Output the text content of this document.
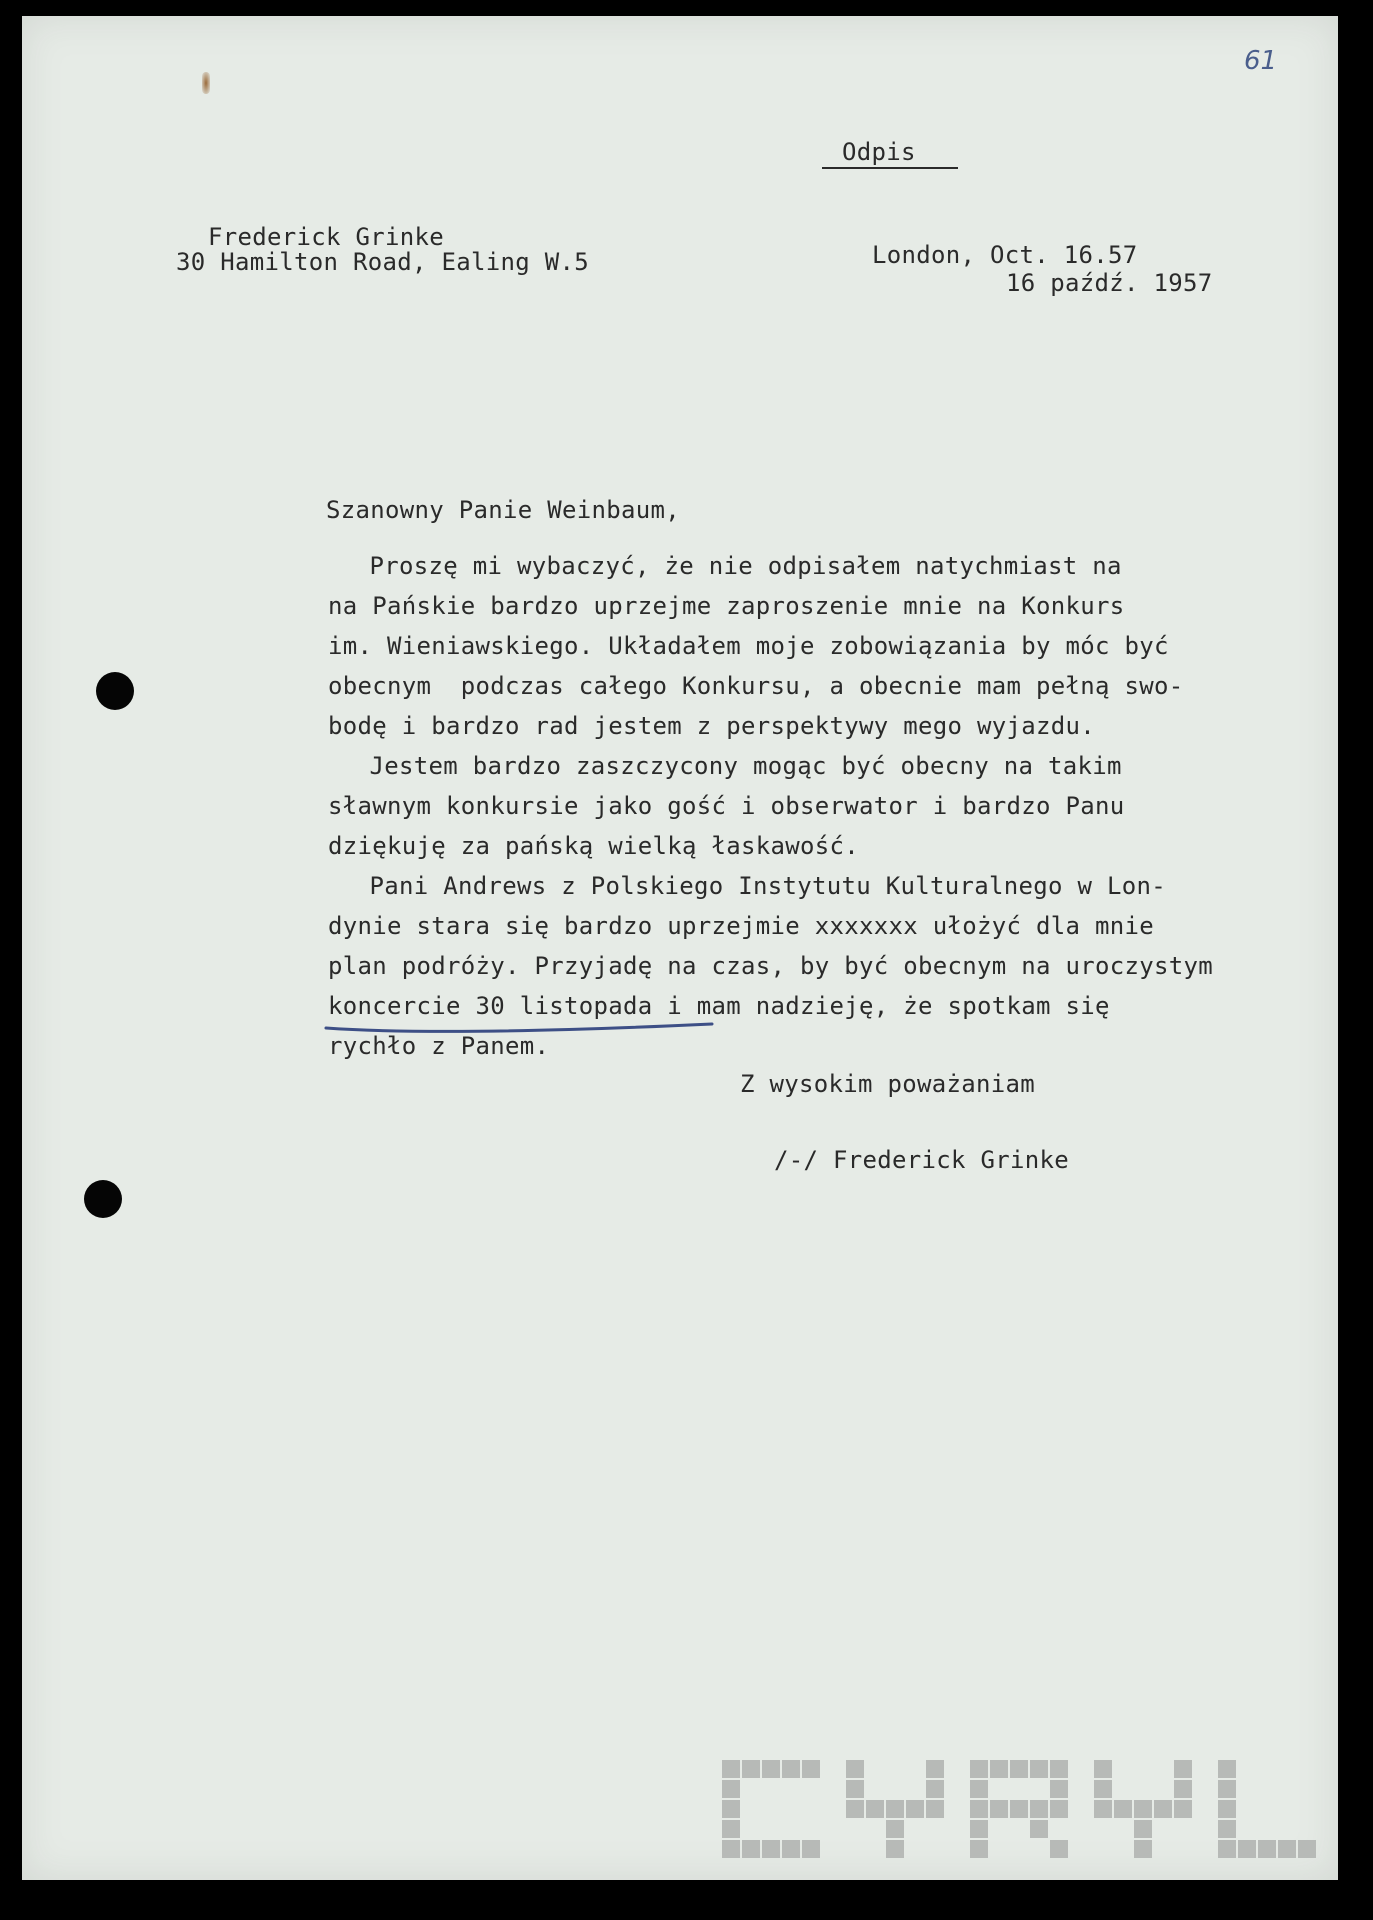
61
Odpis
Frederick Grinke
30 Hamilton Road, Ealing W.5	London, Oct. 16.57
16 paźdź. 1957
Szanowny Panie Weinbaum,
Proszę mi wybaczyć, że nie odpisałem natychmiast na
na Pańskie bardzo uprzejme zaproszenie mnie na Konkurs
im. Wieniawskiego. Układałem moje zobowiązania by móc być
obecnym  podczas całego Konkursu, a obecnie mam pełną swo-
bodę i bardzo rad jestem z perspektywy mego wyjazdu.
Jestem bardzo zaszczycony mogąc być obecny na takim
sławnym konkursie jako gość i obserwator i bardzo Panu
dziękuję za pańską wielką łaskawość.
Pani Andrews z Polskiego Instytutu Kulturalnego w Lon-
dynie stara się bardzo uprzejmie xxxxxxx ułożyć dla mnie
plan podróży. Przyjadę na czas, by być obecnym na uroczystym
koncercie 30 listopada i mam nadzieję, że spotkam się
rychło z Panem.
Z wysokim poważaniam
/-/ Frederick Grinke
